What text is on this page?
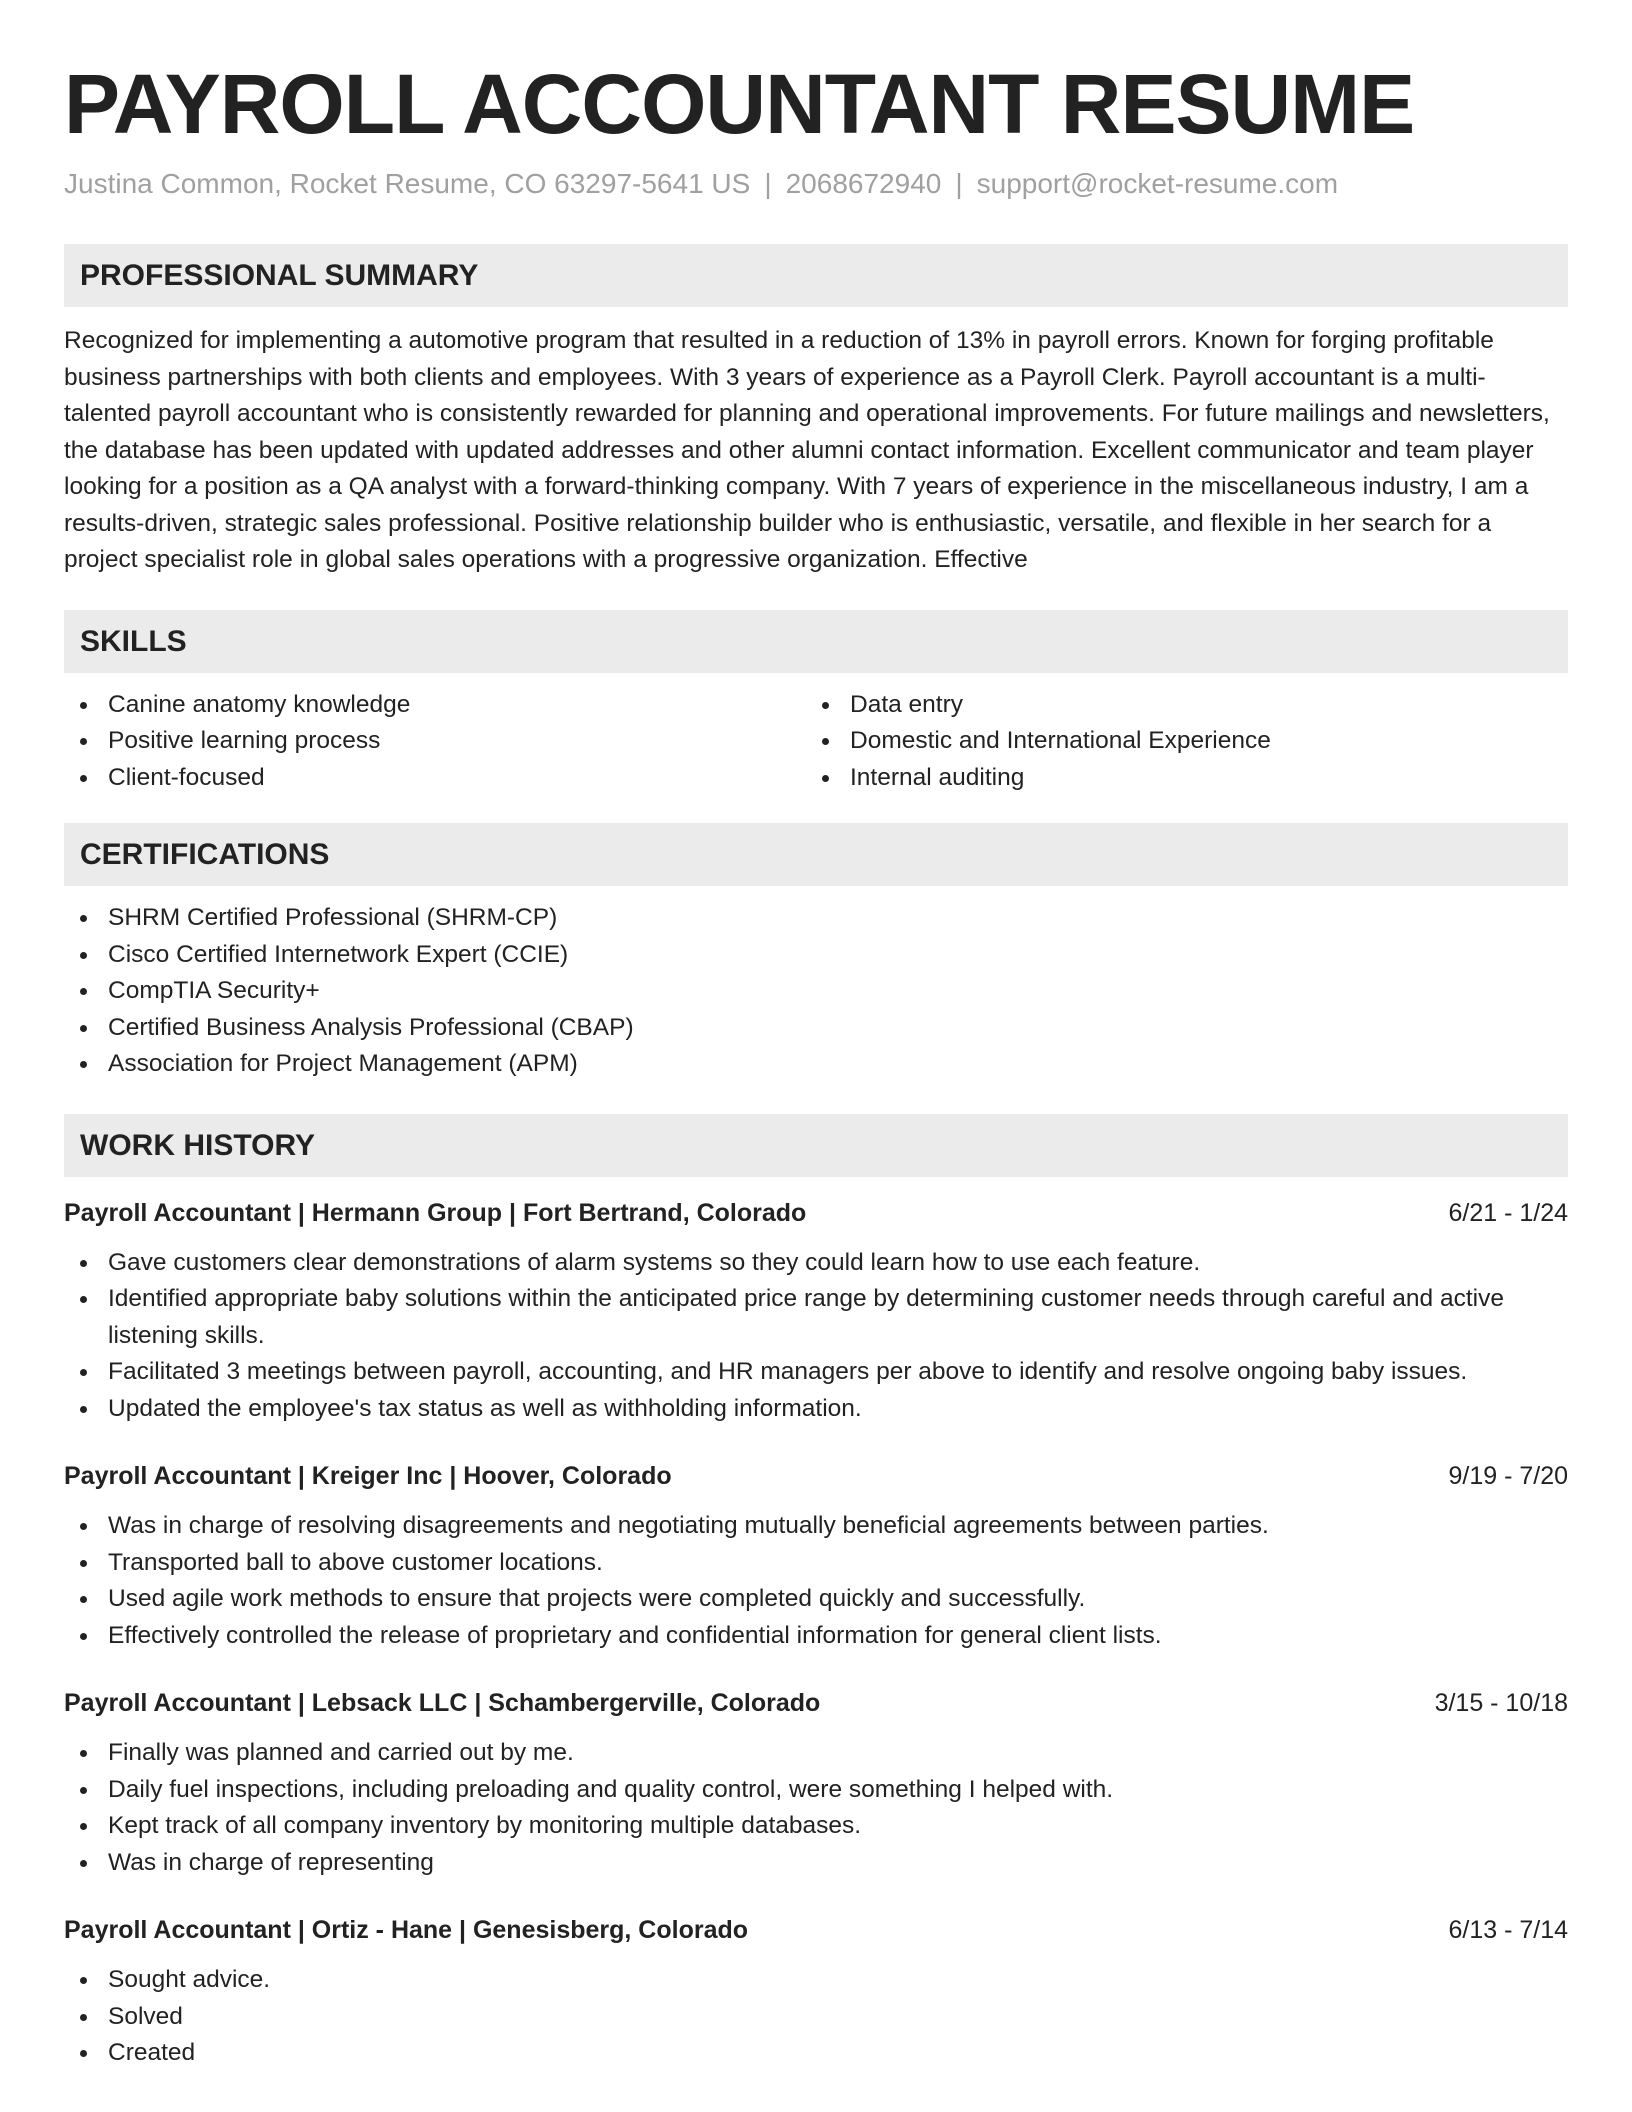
PAYROLL ACCOUNTANT RESUME
Justina Common, Rocket Resume, CO 63297-5641 US | 2068672940 | support@rocket-resume.com
PROFESSIONAL SUMMARY

Recognized for implementing a automotive program that resulted in a reduction of 13% in payroll errors. Known for forging profitable business partnerships with both clients and employees. With 3 years of experience as a Payroll Clerk. Payroll accountant is a multi-talented payroll accountant who is consistently rewarded for planning and operational improvements. For future mailings and newsletters, the database has been updated with updated addresses and other alumni contact information. Excellent communicator and team player looking for a position as a QA analyst with a forward-thinking company. With 7 years of experience in the miscellaneous industry, I am a results-driven, strategic sales professional. Positive relationship builder who is enthusiastic, versatile, and flexible in her search for a project specialist role in global sales operations with a progressive organization. Effective

SKILLS
Canine anatomy knowledge
Positive learning process
Client-focused
Data entry
Domestic and International Experience
Internal auditing
CERTIFICATIONS
SHRM Certified Professional (SHRM-CP)
Cisco Certified Internetwork Expert (CCIE)
CompTIA Security+
Certified Business Analysis Professional (CBAP)
Association for Project Management (APM)
WORK HISTORY
Payroll Accountant | Hermann Group | Fort Bertrand, Colorado	6/21 - 1/24
Gave customers clear demonstrations of alarm systems so they could learn how to use each feature.
Identified appropriate baby solutions within the anticipated price range by determining customer needs through careful and active listening skills.
Facilitated 3 meetings between payroll, accounting, and HR managers per above to identify and resolve ongoing baby issues.
Updated the employee's tax status as well as withholding information.
Payroll Accountant | Kreiger Inc | Hoover, Colorado	9/19 - 7/20
Was in charge of resolving disagreements and negotiating mutually beneficial agreements between parties.
Transported ball to above customer locations.
Used agile work methods to ensure that projects were completed quickly and successfully.
Effectively controlled the release of proprietary and confidential information for general client lists.
Payroll Accountant | Lebsack LLC | Schambergerville, Colorado	3/15 - 10/18
Finally was planned and carried out by me.
Daily fuel inspections, including preloading and quality control, were something I helped with.
Kept track of all company inventory by monitoring multiple databases.
Was in charge of representing
Payroll Accountant | Ortiz - Hane | Genesisberg, Colorado	6/13 - 7/14
Sought advice.
Solved
Created
